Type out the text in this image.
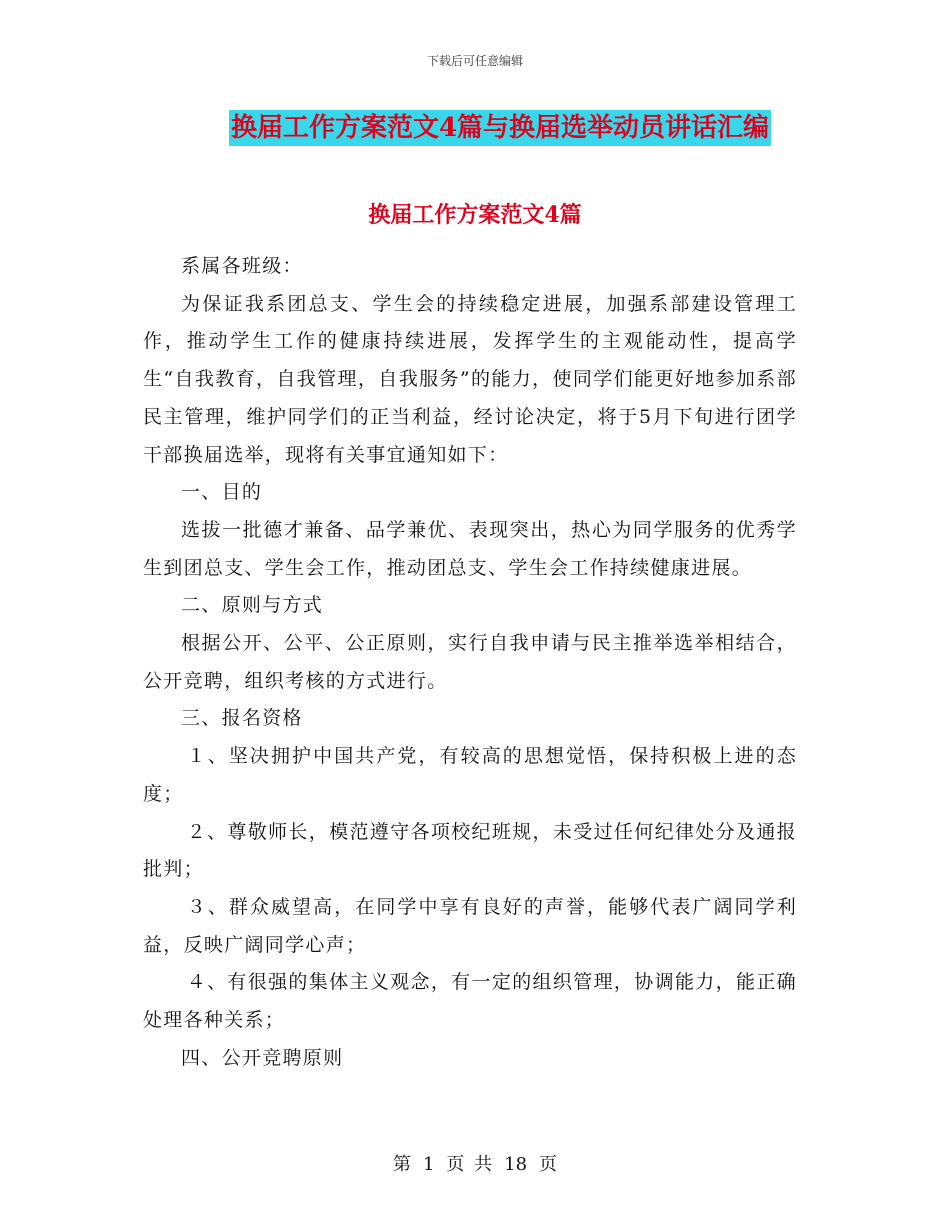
下载后可任意编辑
换届工作方案范文4篇与换届选举动员讲话汇编
换届工作方案范文4篇

系属各班级：

为保证我系团总支、学生会的持续稳定进展，加强系部建设管理工作，推动学生工作的健康持续进展，发挥学生的主观能动性，提高学生“自我教育，自我管理，自我服务”的能力，使同学们能更好地参加系部民主管理，维护同学们的正当利益，经讨论决定，将于5月下旬进行团学干部换届选举，现将有关事宜通知如下：

一、目的

选拔一批德才兼备、品学兼优、表现突出，热心为同学服务的优秀学生到团总支、学生会工作，推动团总支、学生会工作持续健康进展。

二、原则与方式

根据公开、公平、公正原则，实行自我申请与民主推举选举相结合，公开竞聘，组织考核的方式进行。

三、报名资格

１、坚决拥护中国共产党，有较高的思想觉悟，保持积极上进的态度；

２、尊敬师长，模范遵守各项校纪班规，未受过任何纪律处分及通报批判；

３、群众威望高，在同学中享有良好的声誉，能够代表广阔同学利益，反映广阔同学心声；

４、有很强的集体主义观念，有一定的组织管理，协调能力，能正确处理各种关系；

四、公开竞聘原则

第 1 页 共 18 页
